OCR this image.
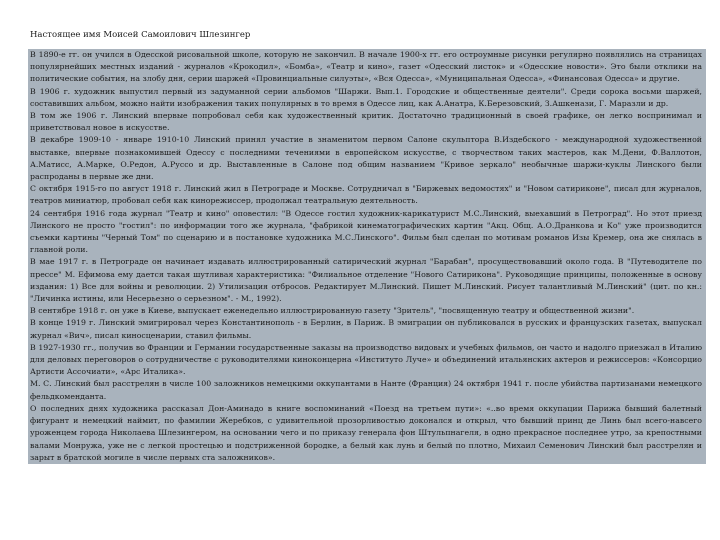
Настоящее имя Моисей Самоилович Шлезингер

В 1890-е гг. он учился в Одесской рисовальной школе, которую не закончил. В начале 1900-х гг. его остроумные рисунки регулярно появлялись на страницах популярнейших местных изданий - журналов «Крокодил», «Бомба», «Театр и кино», газет «Одесский листок» и «Одесские новости». Это были отклики на политические события, на злобу дня, серии шаржей «Провинциальные силуэты», «Вся Одесса», «Муниципальная Одесса», «Финансовая Одесса» и другие.

В 1906 г. художник выпустил первый из задуманной серии альбомов "Шаржи. Вып.1. Городские и общественные деятели". Среди сорока восьми шаржей, составивших альбом, можно найти изображения таких популярных в то время в Одессе лиц, как А.Анатра, К.Березовский, З.Ашкенази, Г. Маразли и др.

В том же 1906 г. Линский впервые попробовал себя как художественный критик. Достаточно традиционный в своей графике, он легко воспринимал и приветствовал новое в искусстве.

В декабре 1909-10 - январе 1910-10 Линский принял участие в знаменитом первом Салоне скульптора В.Издебского - международной художественной выставке, впервые познакомившей Одессу с последними течениями в европейском искусстве, с творчеством таких мастеров, как М.Дени, Ф.Валлотон, А.Матисс, А.Марке, О.Редон, А.Руссо и др. Выставленные в Салоне под общим названием "Кривое зеркало" необычные шаржи-куклы Линского были распроданы в первые же дни.

С октября 1915-го по август 1918 г. Линский жил в Петрограде и Москве. Сотрудничал в "Биржевых ведомостях" и "Новом сатириконе", писал для журналов, театров миниатюр, пробовал себя как кинорежиссер, продолжал театральную деятельность.

24 сентября 1916 года журнал "Театр и кино" оповестил: "В Одессе гостил художник-карикатурист М.С.Линский, выехавший в Петроград". Но этот приезд Линского не просто "гостил": по информации того же журнала, "фабрикой кинематографических картин "Акц. Общ. А.О.Дранкова и Ко" уже производится съемки картины "Черный Том" по сценарию и в постановке художника М.С.Линского". Фильм был сделан по мотивам романов Изы Кремер, она же снялась в главной роли.

В мае 1917 г. в Петрограде он начинает издавать иллюстрированный сатирический журнал "Барабан", просуществовавший около года. В "Путеводителе по прессе" М. Ефимова ему дается такая шутливая характеристика: "Филиальное отделение "Нового Сатирикона". Руководящие принципы, положенные в основу издания: 1) Все для войны и революции. 2) Утилизация отбросов. Редактирует М.Линский. Пишет М.Линский. Рисует талантливый М.Линский" (цит. по кн.: "Личинка истины, или Несерьезно о серьезном". - М., 1992).

В сентябре 1918 г. он уже в Киеве, выпускает еженедельно иллюстрированную газету "Зритель", "посвященную театру и общественной жизни".

В конце 1919 г. Линский эмигрировал через Константинополь - в Берлин, в Париж. В эмиграции он публиковался в русских и французских газетах, выпускал журнал «Вич», писал киносценарии, ставил фильмы.

В 1927-1930 гг., получив во Франции и Германии государственные заказы на производство видовых и учебных фильмов, он часто и надолго приезжал в Италию для деловых переговоров о сотрудничестве с руководителями киноконцерна «Институто Луче» и объединений итальянских актеров и режиссеров: «Консорцио Артисти Ассочиати», «Арс Италика».

М. С. Линский был расстрелян в числе 100 заложников немецкими оккупантами в Нанте (Франция) 24 октября 1941 г. после убийства партизанами немецкого фельдкоменданта.

О последних днях художника рассказал Дон-Аминадо в книге воспоминаний «Поезд на третьем пути»: «..во время оккупации Парижа бывший балетный фигурант и немецкий наймит, по фамилии Жеребков, с удивительной прозорливостью доконался и открыл, что бывший принц де Линь был всего-навсего уроженцем города Николаева Шлезингером, на основании чего и по приказу генерала фон Штульпнагеля, в одно прекрасное последнее утро, за крепостными валами Монружа, уже не с легкой простецью и подстриженной бородке, а белый как лунь и белый по плотно, Михаил Семенович Линский был расстрелян и зарыт в братской могиле в числе первых ста заложников».
